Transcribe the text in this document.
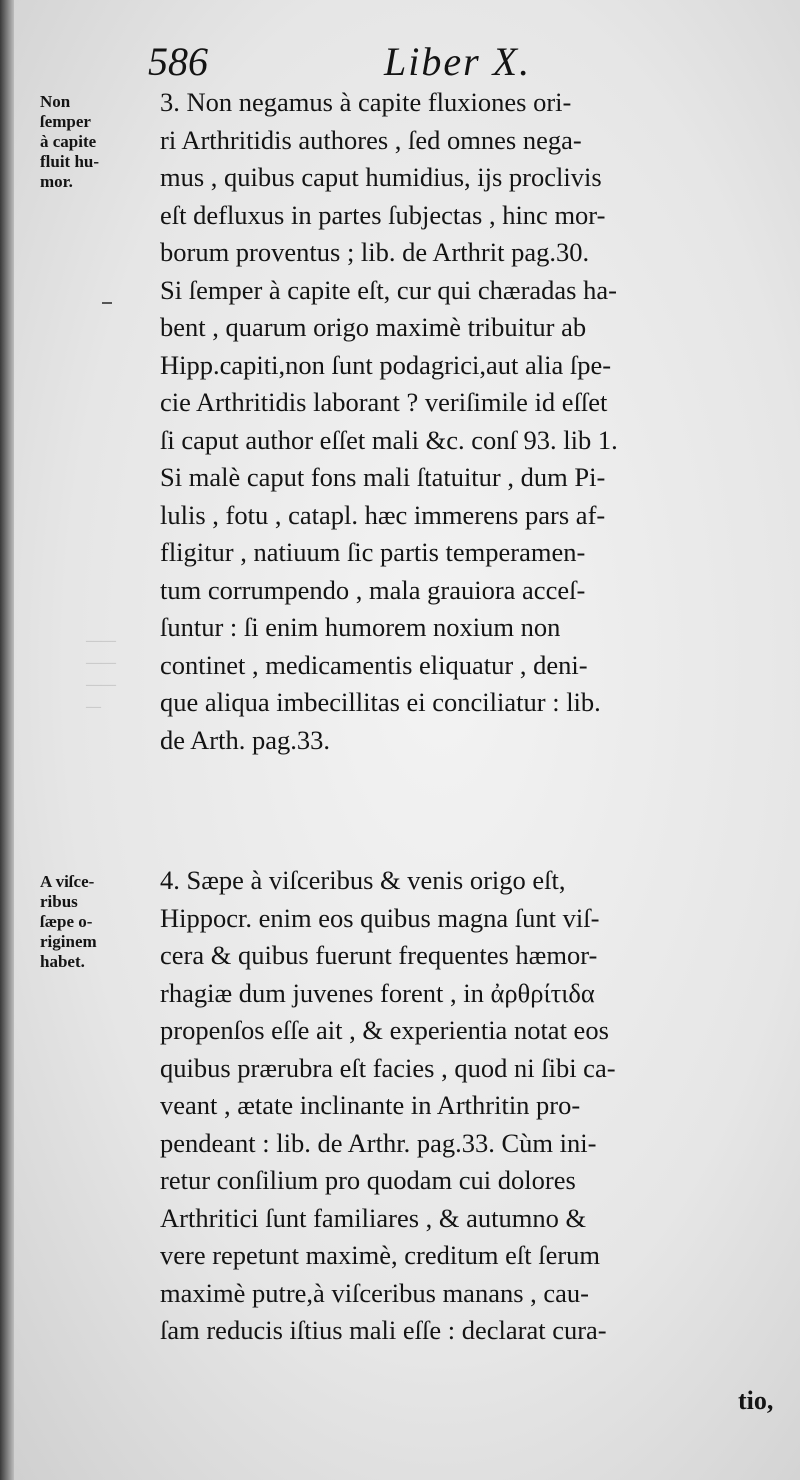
586	Liber X.
——
——
——
—
Non
ſemper
à capite
fluit hu-
mor.
A viſce-
ribus
ſæpe o-
riginem
habet.
3. Non negamus à capite fluxiones ori-
ri Arthritidis authores , ſed omnes nega-
mus , quibus caput humidius, ijs proclivis
eſt defluxus in partes ſubjectas , hinc mor-
borum proventus ; lib. de Arthrit pag.30.
Si ſemper à capite eſt, cur qui chæradas ha-
bent , quarum origo maximè tribuitur ab
Hipp.capiti,non ſunt podagrici,aut alia ſpe-
cie Arthritidis laborant ? veriſimile id eſſet
ſi caput author eſſet mali &c. conſ 93. lib 1.
Si malè caput fons mali ſtatuitur , dum Pi-
lulis , fotu , catapl. hæc immerens pars af-
fligitur , natiuum ſic partis temperamen-
tum corrumpendo , mala grauiora acceſ-
ſuntur : ſi enim humorem noxium non
continet , medicamentis eliquatur , deni-
que aliqua imbecillitas ei conciliatur : lib.
de Arth. pag.33.
4. Sæpe à viſceribus & venis origo eſt,
Hippocr. enim eos quibus magna ſunt viſ-
cera & quibus fuerunt frequentes hæmor-
rhagiæ dum juvenes forent , in ἀρθρίτιδα
propenſos eſſe ait , & experientia notat eos
quibus prærubra eſt facies , quod ni ſibi ca-
veant , ætate inclinante in Arthritin pro-
pendeant : lib. de Arthr. pag.33. Cùm ini-
retur conſilium pro quodam cui dolores
Arthritici ſunt familiares , & autumno &
vere repetunt maximè, creditum eſt ſerum
maximè putre,à viſceribus manans , cau-
ſam reducis iſtius mali eſſe : declarat cura-
tio,
